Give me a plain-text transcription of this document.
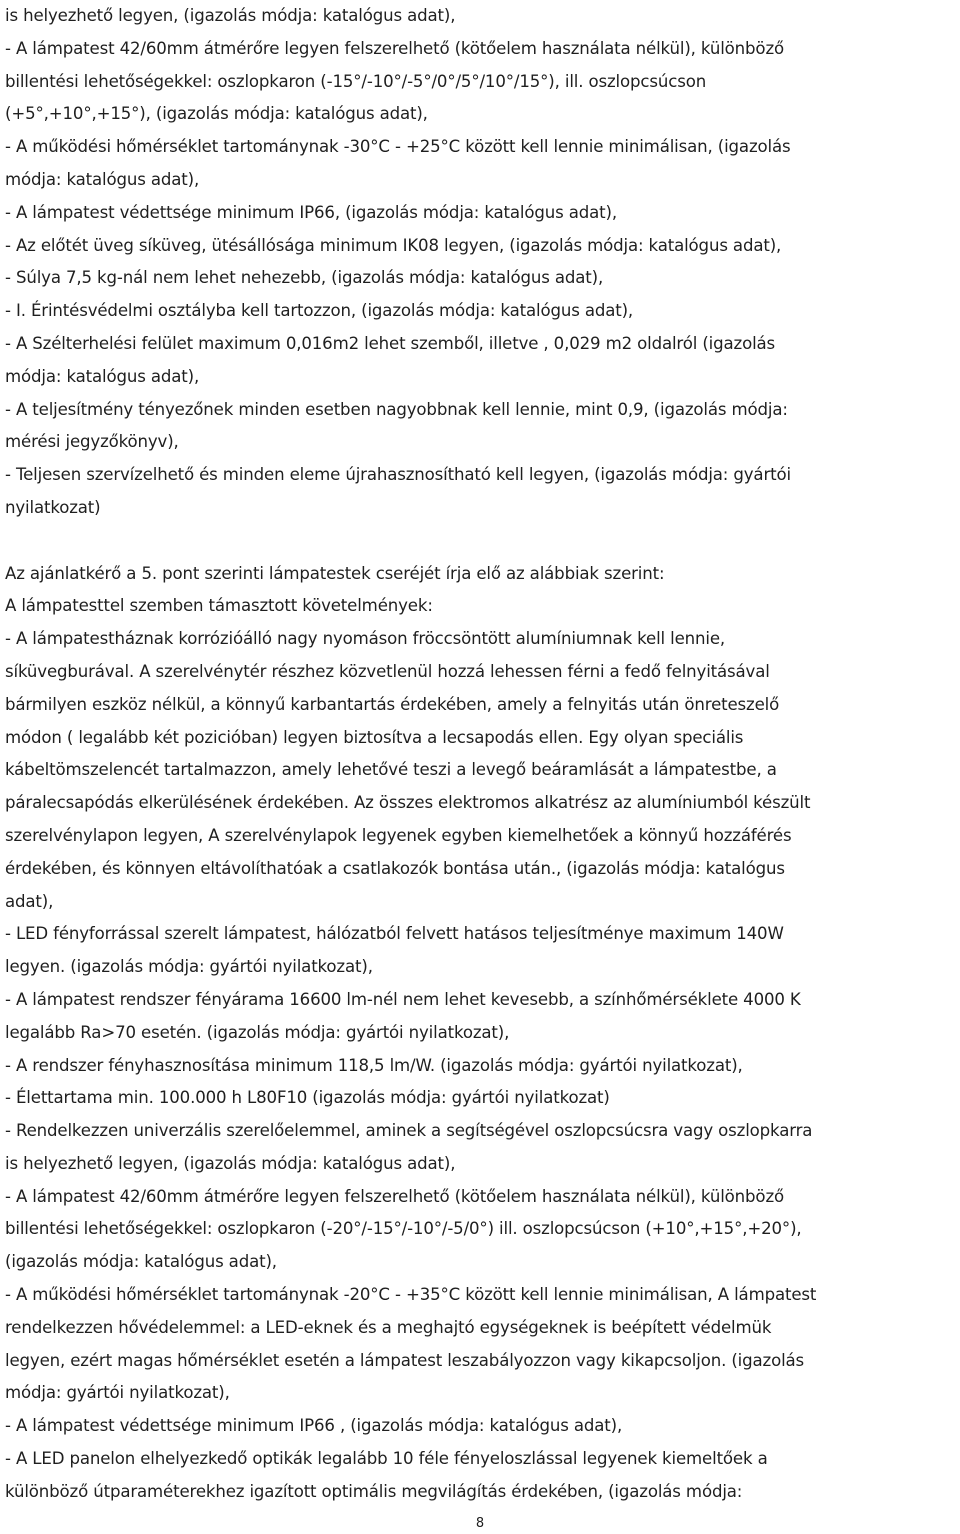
is helyezhető legyen, (igazolás módja: katalógus adat),
- A lámpatest 42/60mm átmérőre legyen felszerelhető (kötőelem használata nélkül), különböző
billentési lehetőségekkel: oszlopkaron (-15°/-10°/-5°/0°/5°/10°/15°), ill. oszlopcsúcson
(+5°,+10°,+15°), (igazolás módja: katalógus adat),
- A működési hőmérséklet tartománynak -30°C - +25°C között kell lennie minimálisan, (igazolás
módja: katalógus adat),
- A lámpatest védettsége minimum IP66, (igazolás módja: katalógus adat),
- Az előtét üveg síküveg, ütésállósága minimum IK08 legyen, (igazolás módja: katalógus adat),
- Súlya 7,5 kg-nál nem lehet nehezebb, (igazolás módja: katalógus adat),
- I. Érintésvédelmi osztályba kell tartozzon, (igazolás módja: katalógus adat),
- A Szélterhelési felület maximum 0,016m2 lehet szemből, illetve , 0,029 m2 oldalról (igazolás
módja: katalógus adat),
- A teljesítmény tényezőnek minden esetben nagyobbnak kell lennie, mint 0,9, (igazolás módja:
mérési jegyzőkönyv),
- Teljesen szervízelhető és minden eleme újrahasznosítható kell legyen, (igazolás módja: gyártói
nyilatkozat)
Az ajánlatkérő a 5. pont szerinti lámpatestek cseréjét írja elő az alábbiak szerint:
A lámpatesttel szemben támasztott követelmények:
- A lámpatestháznak korrózióálló nagy nyomáson fröccsöntött alumíniumnak kell lennie,
síküvegburával. A szerelvénytér részhez közvetlenül hozzá lehessen férni a fedő felnyitásával
bármilyen eszköz nélkül, a könnyű karbantartás érdekében, amely a felnyitás után önreteszelő
módon ( legalább két pozicióban) legyen biztosítva a lecsapodás ellen. Egy olyan speciális
kábeltömszelencét tartalmazzon, amely lehetővé teszi a levegő beáramlását a lámpatestbe, a
páralecsapódás elkerülésének érdekében. Az összes elektromos alkatrész az alumíniumból készült
szerelvénylapon legyen, A szerelvénylapok legyenek egyben kiemelhetőek a könnyű hozzáférés
érdekében, és könnyen eltávolíthatóak a csatlakozók bontása után., (igazolás módja: katalógus
adat),
- LED fényforrással szerelt lámpatest, hálózatból felvett hatásos teljesítménye maximum 140W
legyen. (igazolás módja: gyártói nyilatkozat),
- A lámpatest rendszer fényárama 16600 lm-nél nem lehet kevesebb, a színhőmérséklete 4000 K
legalább Ra>70 esetén. (igazolás módja: gyártói nyilatkozat),
- A rendszer fényhasznosítása minimum 118,5 lm/W. (igazolás módja: gyártói nyilatkozat),
- Élettartama min. 100.000 h L80F10 (igazolás módja: gyártói nyilatkozat)
- Rendelkezzen univerzális szerelőelemmel, aminek a segítségével oszlopcsúcsra vagy oszlopkarra
is helyezhető legyen, (igazolás módja: katalógus adat),
- A lámpatest 42/60mm átmérőre legyen felszerelhető (kötőelem használata nélkül), különböző
billentési lehetőségekkel: oszlopkaron (-20°/-15°/-10°/-5/0°) ill. oszlopcsúcson (+10°,+15°,+20°),
(igazolás módja: katalógus adat),
- A működési hőmérséklet tartománynak -20°C - +35°C között kell lennie minimálisan, A lámpatest
rendelkezzen hővédelemmel: a LED-eknek és a meghajtó egységeknek is beépített védelmük
legyen, ezért magas hőmérséklet esetén a lámpatest leszabályozzon vagy kikapcsoljon. (igazolás
módja: gyártói nyilatkozat),
- A lámpatest védettsége minimum IP66 , (igazolás módja: katalógus adat),
- A LED panelon elhelyezkedő optikák legalább 10 féle fényeloszlással legyenek kiemeltőek a
különböző útparaméterekhez igazított optimális megvilágítás érdekében, (igazolás módja:
8
